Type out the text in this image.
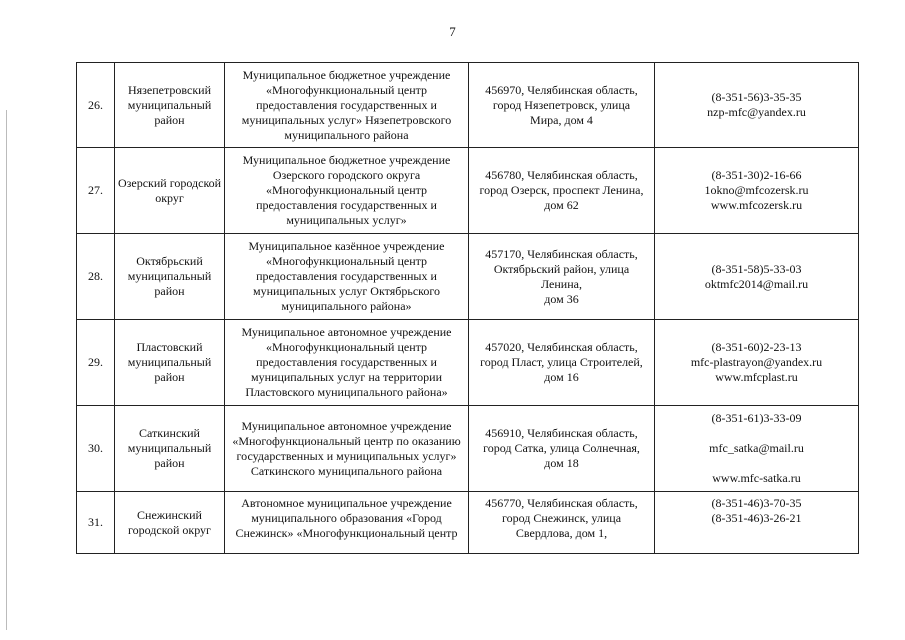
7
26.	Нязепетровский
муниципальный
район	Муниципальное бюджетное учреждение
«Многофункциональный центр
предоставления государственных и
муниципальных услуг» Нязепетровского
муниципального района	456970, Челябинская область,
город Нязепетровск, улица
Мира, дом 4	(8-351-56)3-35-35
nzp-mfc@yandex.ru

27.	Озерский городской
округ	Муниципальное бюджетное учреждение
Озерского городского округа
«Многофункциональный центр
предоставления государственных и
муниципальных услуг»	456780, Челябинская область,
город Озерск, проспект Ленина,
дом 62	(8-351-30)2-16-66
1okno@mfcozersk.ru
www.mfcozersk.ru

28.	Октябрьский
муниципальный
район	Муниципальное казённое учреждение
«Многофункциональный центр
предоставления государственных и
муниципальных услуг Октябрьского
муниципального района»	457170, Челябинская область,
Октябрьский район, улица
Ленина,
дом 36	(8-351-58)5-33-03
oktmfc2014@mail.ru

29.	Пластовский
муниципальный
район	Муниципальное автономное учреждение
«Многофункциональный центр
предоставления государственных и
муниципальных услуг на территории
Пластовского муниципального района»	457020, Челябинская область,
город Пласт, улица Строителей,
дом 16	(8-351-60)2-23-13
mfc-plastrayon@yandex.ru
www.mfcplast.ru

30.	Саткинский
муниципальный
район	Муниципальное автономное учреждение
«Многофункциональный центр по оказанию
государственных и муниципальных услуг»
Саткинского муниципального района	456910, Челябинская область,
город Сатка, улица Солнечная,
дом 18	(8-351-61)3-33-09
mfc_satka@mail.ru
www.mfc-satka.ru

31.	Снежинский
городской округ	Автономное муниципальное учреждение
муниципального образования «Город
Снежинск» «Многофункциональный центр	456770, Челябинская область,
город Снежинск, улица
Свердлова, дом 1,	(8-351-46)3-70-35
(8-351-46)3-26-21
